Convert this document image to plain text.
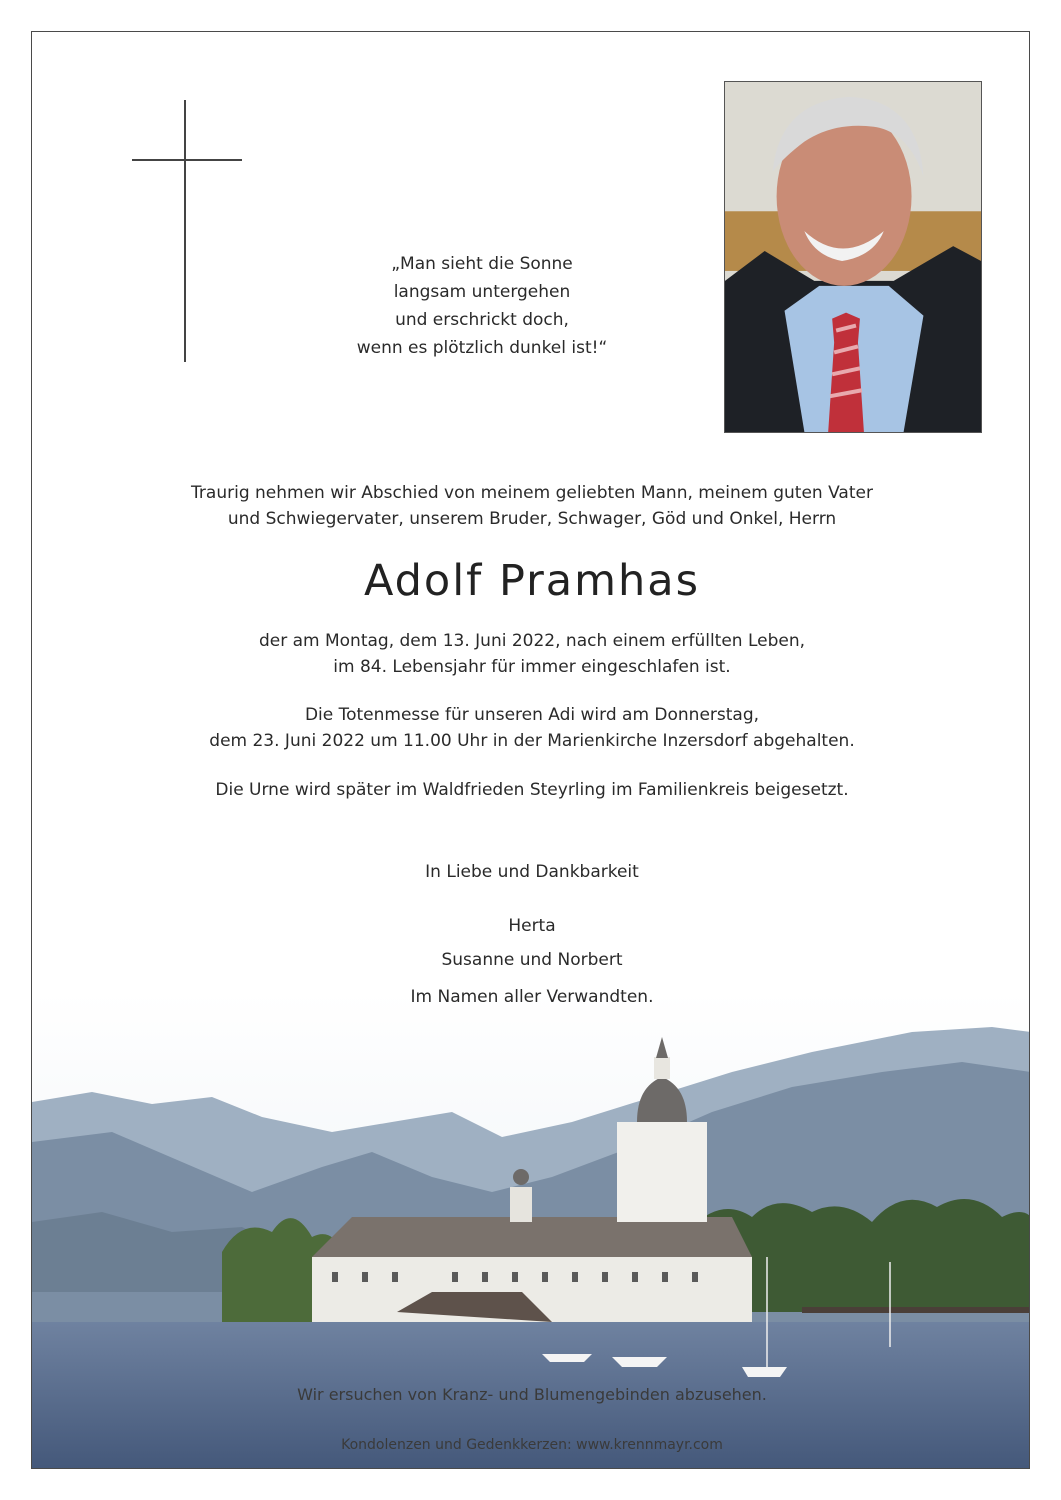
„Man sieht die Sonne
langsam untergehen
und erschrickt doch,
wenn es plötzlich dunkel ist!“
Traurig nehmen wir Abschied von meinem geliebten Mann, meinem guten Vater
und Schwiegervater, unserem Bruder, Schwager, Göd und Onkel, Herrn
Adolf Pramhas
der am Montag, dem 13. Juni 2022, nach einem erfüllten Leben,
im 84. Lebensjahr für immer eingeschlafen ist.
Die Totenmesse für unseren Adi wird am Donnerstag,
dem 23. Juni 2022 um 11.00 Uhr in der Marienkirche Inzersdorf abgehalten.
Die Urne wird später im Waldfrieden Steyrling im Familienkreis beigesetzt.
In Liebe und Dankbarkeit
Herta
Susanne und Norbert
Im Namen aller Verwandten.
Wir ersuchen von Kranz- und Blumengebinden abzusehen.
Kondolenzen und Gedenkkerzen: www.krennmayr.com
